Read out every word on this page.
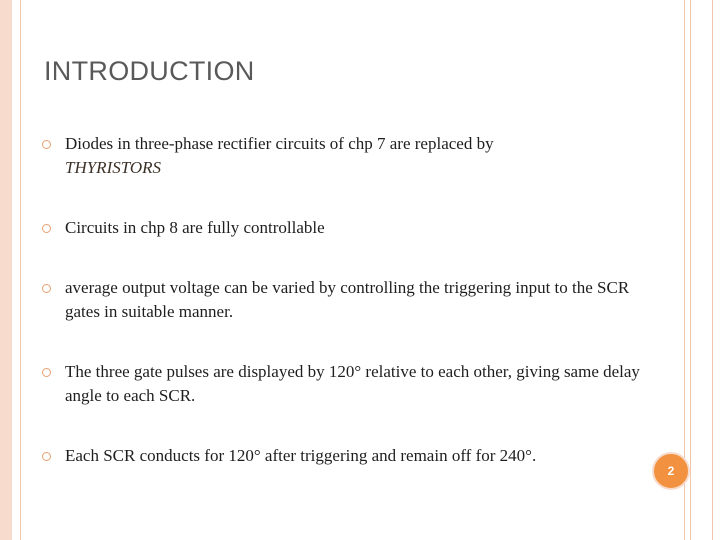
INTRODUCTION
Diodes in three-phase rectifier circuits of chp 7 are replaced by
THYRISTORS
Circuits in chp 8 are fully controllable
average output voltage can be varied by controlling the triggering input to the SCR gates in suitable manner.
The three gate pulses are displayed by 120° relative to each other, giving same delay angle to each SCR.
Each SCR conducts for 120° after triggering and remain off for 240°.
2
